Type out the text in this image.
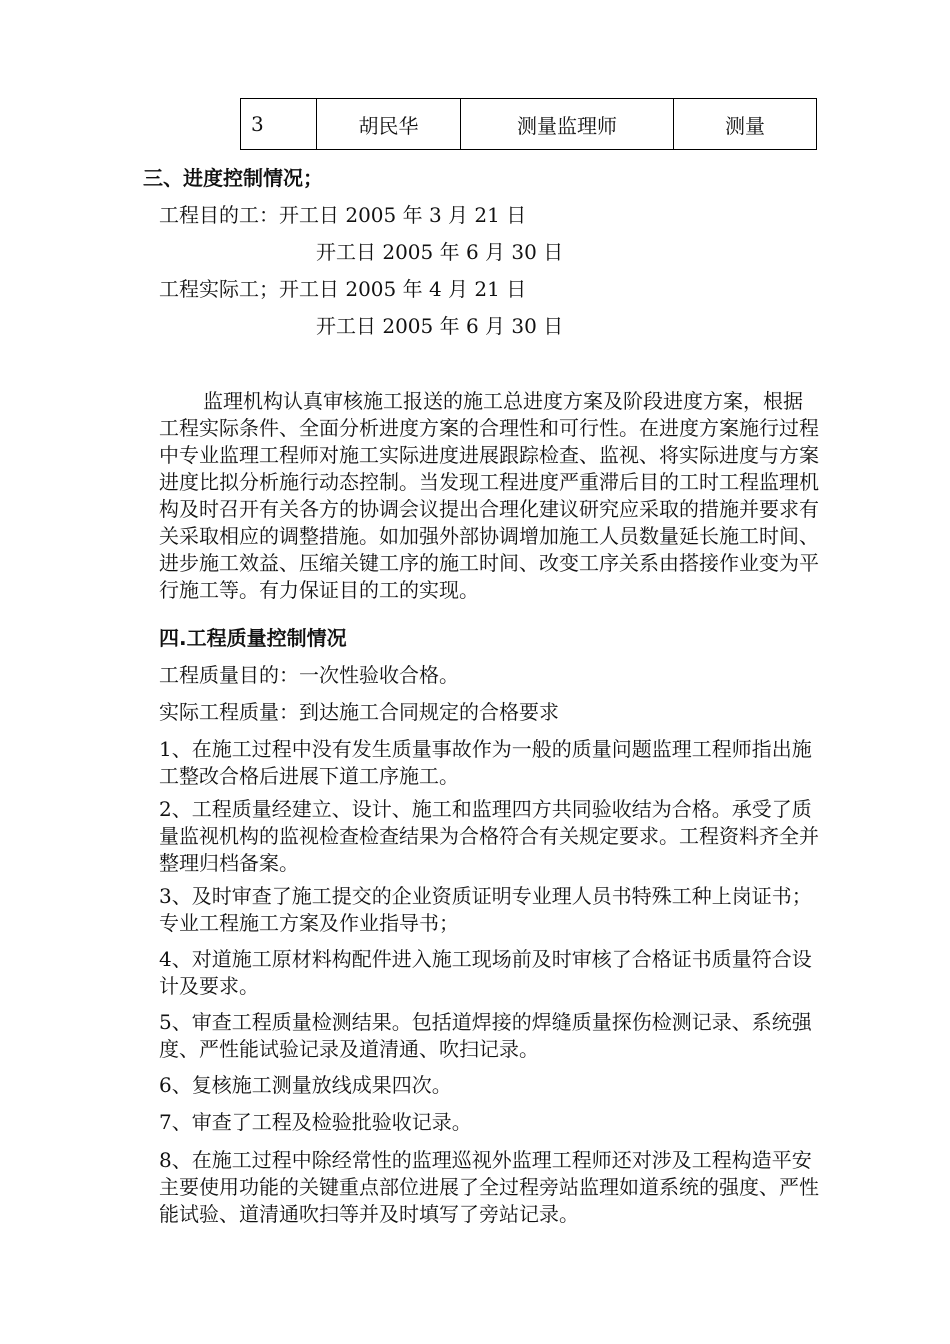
3	胡民华	测量监理师	测量
三、进度控制情况；
工程目的工：开工日 2005 年 3 月 21 日
开工日 2005 年 6 月 30 日
工程实际工；开工日 2005 年 4 月 21 日
开工日 2005 年 6 月 30 日

监理机构认真审核施工报送的施工总进度方案及阶段进度方案，根据工程实际条件、全面分析进度方案的合理性和可行性。在进度方案施行过程中专业监理工程师对施工实际进度进展跟踪检查、监视、将实际进度与方案进度比拟分析施行动态控制。当发现工程进度严重滞后目的工时工程监理机构及时召开有关各方的协调会议提出合理化建议研究应采取的措施并要求有关采取相应的调整措施。如加强外部协调增加施工人员数量延长施工时间、进步施工效益、压缩关键工序的施工时间、改变工序关系由搭接作业变为平行施工等。有力保证目的工的实现。

四.工程质量控制情况
工程质量目的：一次性验收合格。
实际工程质量：到达施工合同规定的合格要求

1、在施工过程中没有发生质量事故作为一般的质量问题监理工程师指出施工整改合格后进展下道工序施工。

2、工程质量经建立、设计、施工和监理四方共同验收结为合格。承受了质量监视机构的监视检查检查结果为合格符合有关规定要求。工程资料齐全并整理归档备案。

3、及时审查了施工提交的企业资质证明专业理人员书特殊工种上岗证书；专业工程施工方案及作业指导书；

4、对道施工原材料构配件进入施工现场前及时审核了合格证书质量符合设计及要求。

5、审查工程质量检测结果。包括道焊接的焊缝质量探伤检测记录、系统强度、严性能试验记录及道清通、吹扫记录。

6、复核施工测量放线成果四次。

7、审查了工程及检验批验收记录。

8、在施工过程中除经常性的监理巡视外监理工程师还对涉及工程构造平安主要使用功能的关键重点部位进展了全过程旁站监理如道系统的强度、严性能试验、道清通吹扫等并及时填写了旁站记录。
